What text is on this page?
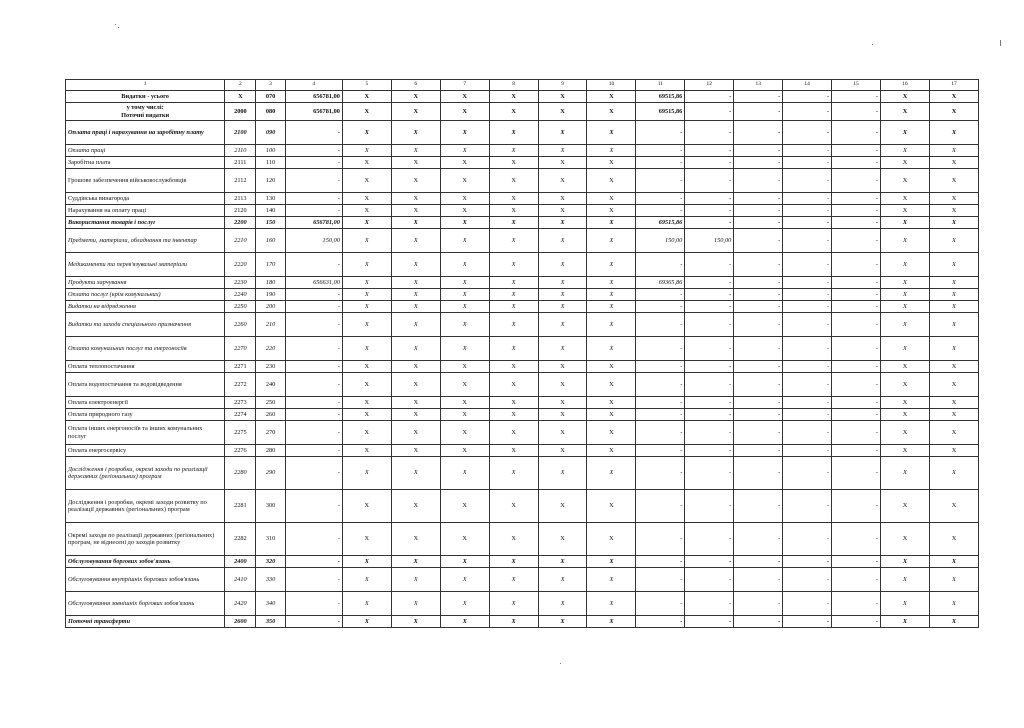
1	2	3	4	5	6	7	8	9	10	11	12	13	14	15	16	17
Видатки - усього	X	070	656781,00	X	X	X	X	X	X	69515,86	-	-	-	-	X	X
у тому числі:
Поточні видатки	2000	080	656781,00	X	X	X	X	X	X	69515,86	-	-	-	-	X	X
Оплата праці і нарахування на заробітну плату	2100	090	-	X	X	X	X	X	X	-	-	-	-	-	X	X
Оплата праці	2110	100	-	X	X	X	X	X	X	-	-	-	-	-	X	X
Заробітна плата	2111	110	-	X	X	X	X	X	X	-	-	-	-	-	X	X
Грошове забезпечення військовослужбовців	2112	120	-	X	X	X	X	X	X	-	-	-	-	-	X	X
Суддівська винагорода	2113	130	-	X	X	X	X	X	X	-	-	-	-	-	X	X
Нарахування на оплату праці	2120	140	-	X	X	X	X	X	X	-	-	-	-	-	X	X
Використання товарів і послуг	2200	150	656781,00	X	X	X	X	X	X	69515,86	-	-	-	-	X	X
Предмети, матеріали, обладнання та інвентар	2210	160	150,00	X	X	X	X	X	X	150,00	150,00	-	-	-	X	X
Медикаменти та перев'язувальні матеріали	2220	170	-	X	X	X	X	X	X	-	-	-	-	-	X	X
Продукти харчування	2230	180	656631,00	X	X	X	X	X	X	69365,86	-	-	-	-	X	X
Оплата послуг (крім комунальних)	2240	190	-	X	X	X	X	X	X	-	-	-	-	-	X	X
Видатки на відрядження	2250	200	-	X	X	X	X	X	X	-	-	-	-	-	X	X
Видатки та заходи спеціального призначення	2260	210	-	X	X	X	X	X	X	-	-	-	-	-	X	X
Оплата комунальних послуг та енергоносіїв	2270	220	-	X	X	X	X	X	X	-	-	-	-	-	X	X
Оплата теплопостачання	2271	230	-	X	X	X	X	X	X	-	-	-	-	-	X	X
Оплата водопостачання та водовідведення	2272	240	-	X	X	X	X	X	X	-	-	-	-	-	X	X
Оплата електроенергії	2273	250	-	X	X	X	X	X	X	-	-	-	-	-	X	X
Оплата природного газу	2274	260	-	X	X	X	X	X	X	-	-	-	-	-	X	X
Оплата інших енергоносіїв та інших комунальних послуг	2275	270	-	X	X	X	X	X	X	-	-	-	-	-	X	X
Оплата енергосервісу	2276	280	-	X	X	X	X	X	X	-	-	-	-	-	X	X
Дослідження і розробки, окремі заходи по реалізації державних (регіональних) програм	2280	290	-	X	X	X	X	X	X	-	-	-	-	-	X	X
Дослідження і розробки, окремі заходи розвитку по реалізації державних (регіональних) програм	2281	300	-	X	X	X	X	X	X	-	-	-	-	-	X	X
Окремі заходи по реалізації державних (регіональних) програм, не віднесені до заходів розвитку	2282	310	-	X	X	X	X	X	X	-	-	-	-	-	X	X
Обслуговування боргових зобов'язань	2400	320	-	X	X	X	X	X	X	-	-	-	-	-	X	X
Обслуговування внутрішніх боргових зобов'язань	2410	330	-	X	X	X	X	X	X	-	-	-	-	-	X	X
Обслуговування зовнішніх боргових зобов'язань	2420	340	-	X	X	X	X	X	X	-	-	-	-	-	X	X
Поточні трансферти	2600	350	-	X	X	X	X	X	X	-	-	-	-	-	X	X
